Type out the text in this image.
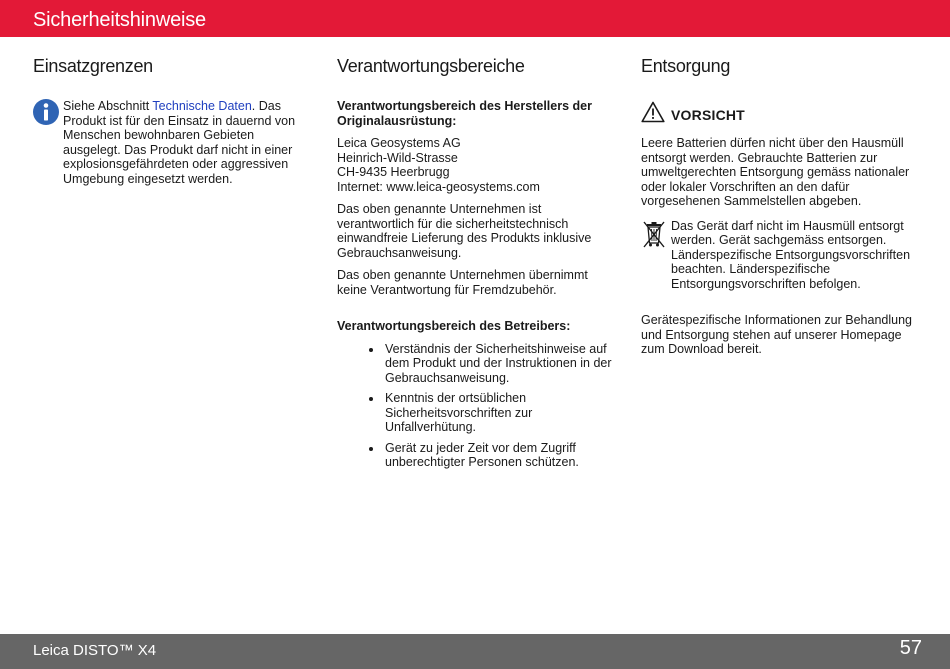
Sicherheitshinweise
Einsatzgrenzen

Siehe Abschnitt Technische Daten. Das Produkt ist für den Einsatz in dauernd von Menschen bewohnbaren Gebieten ausgelegt. Das Produkt darf nicht in einer explosionsgefährdeten oder aggressiven Umgebung eingesetzt werden.

Verantwortungsbereiche

Verantwortungsbereich des Herstellers der Originalausrüstung:

Leica Geosystems AG

Heinrich-Wild-Strasse

CH-9435 Heerbrugg

Internet: www.leica-geosystems.com

Das oben genannte Unternehmen ist verantwortlich für die sicherheitstechnisch einwandfreie Lieferung des Produkts inklusive Gebrauchsanweisung.

Das oben genannte Unternehmen übernimmt keine Verantwortung für Fremdzubehör.

Verantwortungsbereich des Betreibers:

Verständnis der Sicherheitshinweise auf dem Produkt und der Instruktionen in der Gebrauchsanweisung.
Kenntnis der ortsüblichen Sicherheitsvorschriften zur Unfallverhütung.
Gerät zu jeder Zeit vor dem Zugriff unberechtigter Personen schützen.
Entsorgung
VORSICHT

Leere Batterien dürfen nicht über den Hausmüll entsorgt werden. Gebrauchte Batterien zur umweltgerechten Entsorgung gemäss nationaler oder lokaler Vorschriften an den dafür vorgesehenen Sammelstellen abgeben.

Das Gerät darf nicht im Hausmüll entsorgt werden. Gerät sachgemäss entsorgen. Länderspezifische Entsorgungsvorschriften beachten. Länderspezifische Entsorgungsvorschriften befolgen.

Gerätespezifische Informationen zur Behandlung und Entsorgung stehen auf unserer Homepage zum Download bereit.

Leica DISTO™ X4	57
